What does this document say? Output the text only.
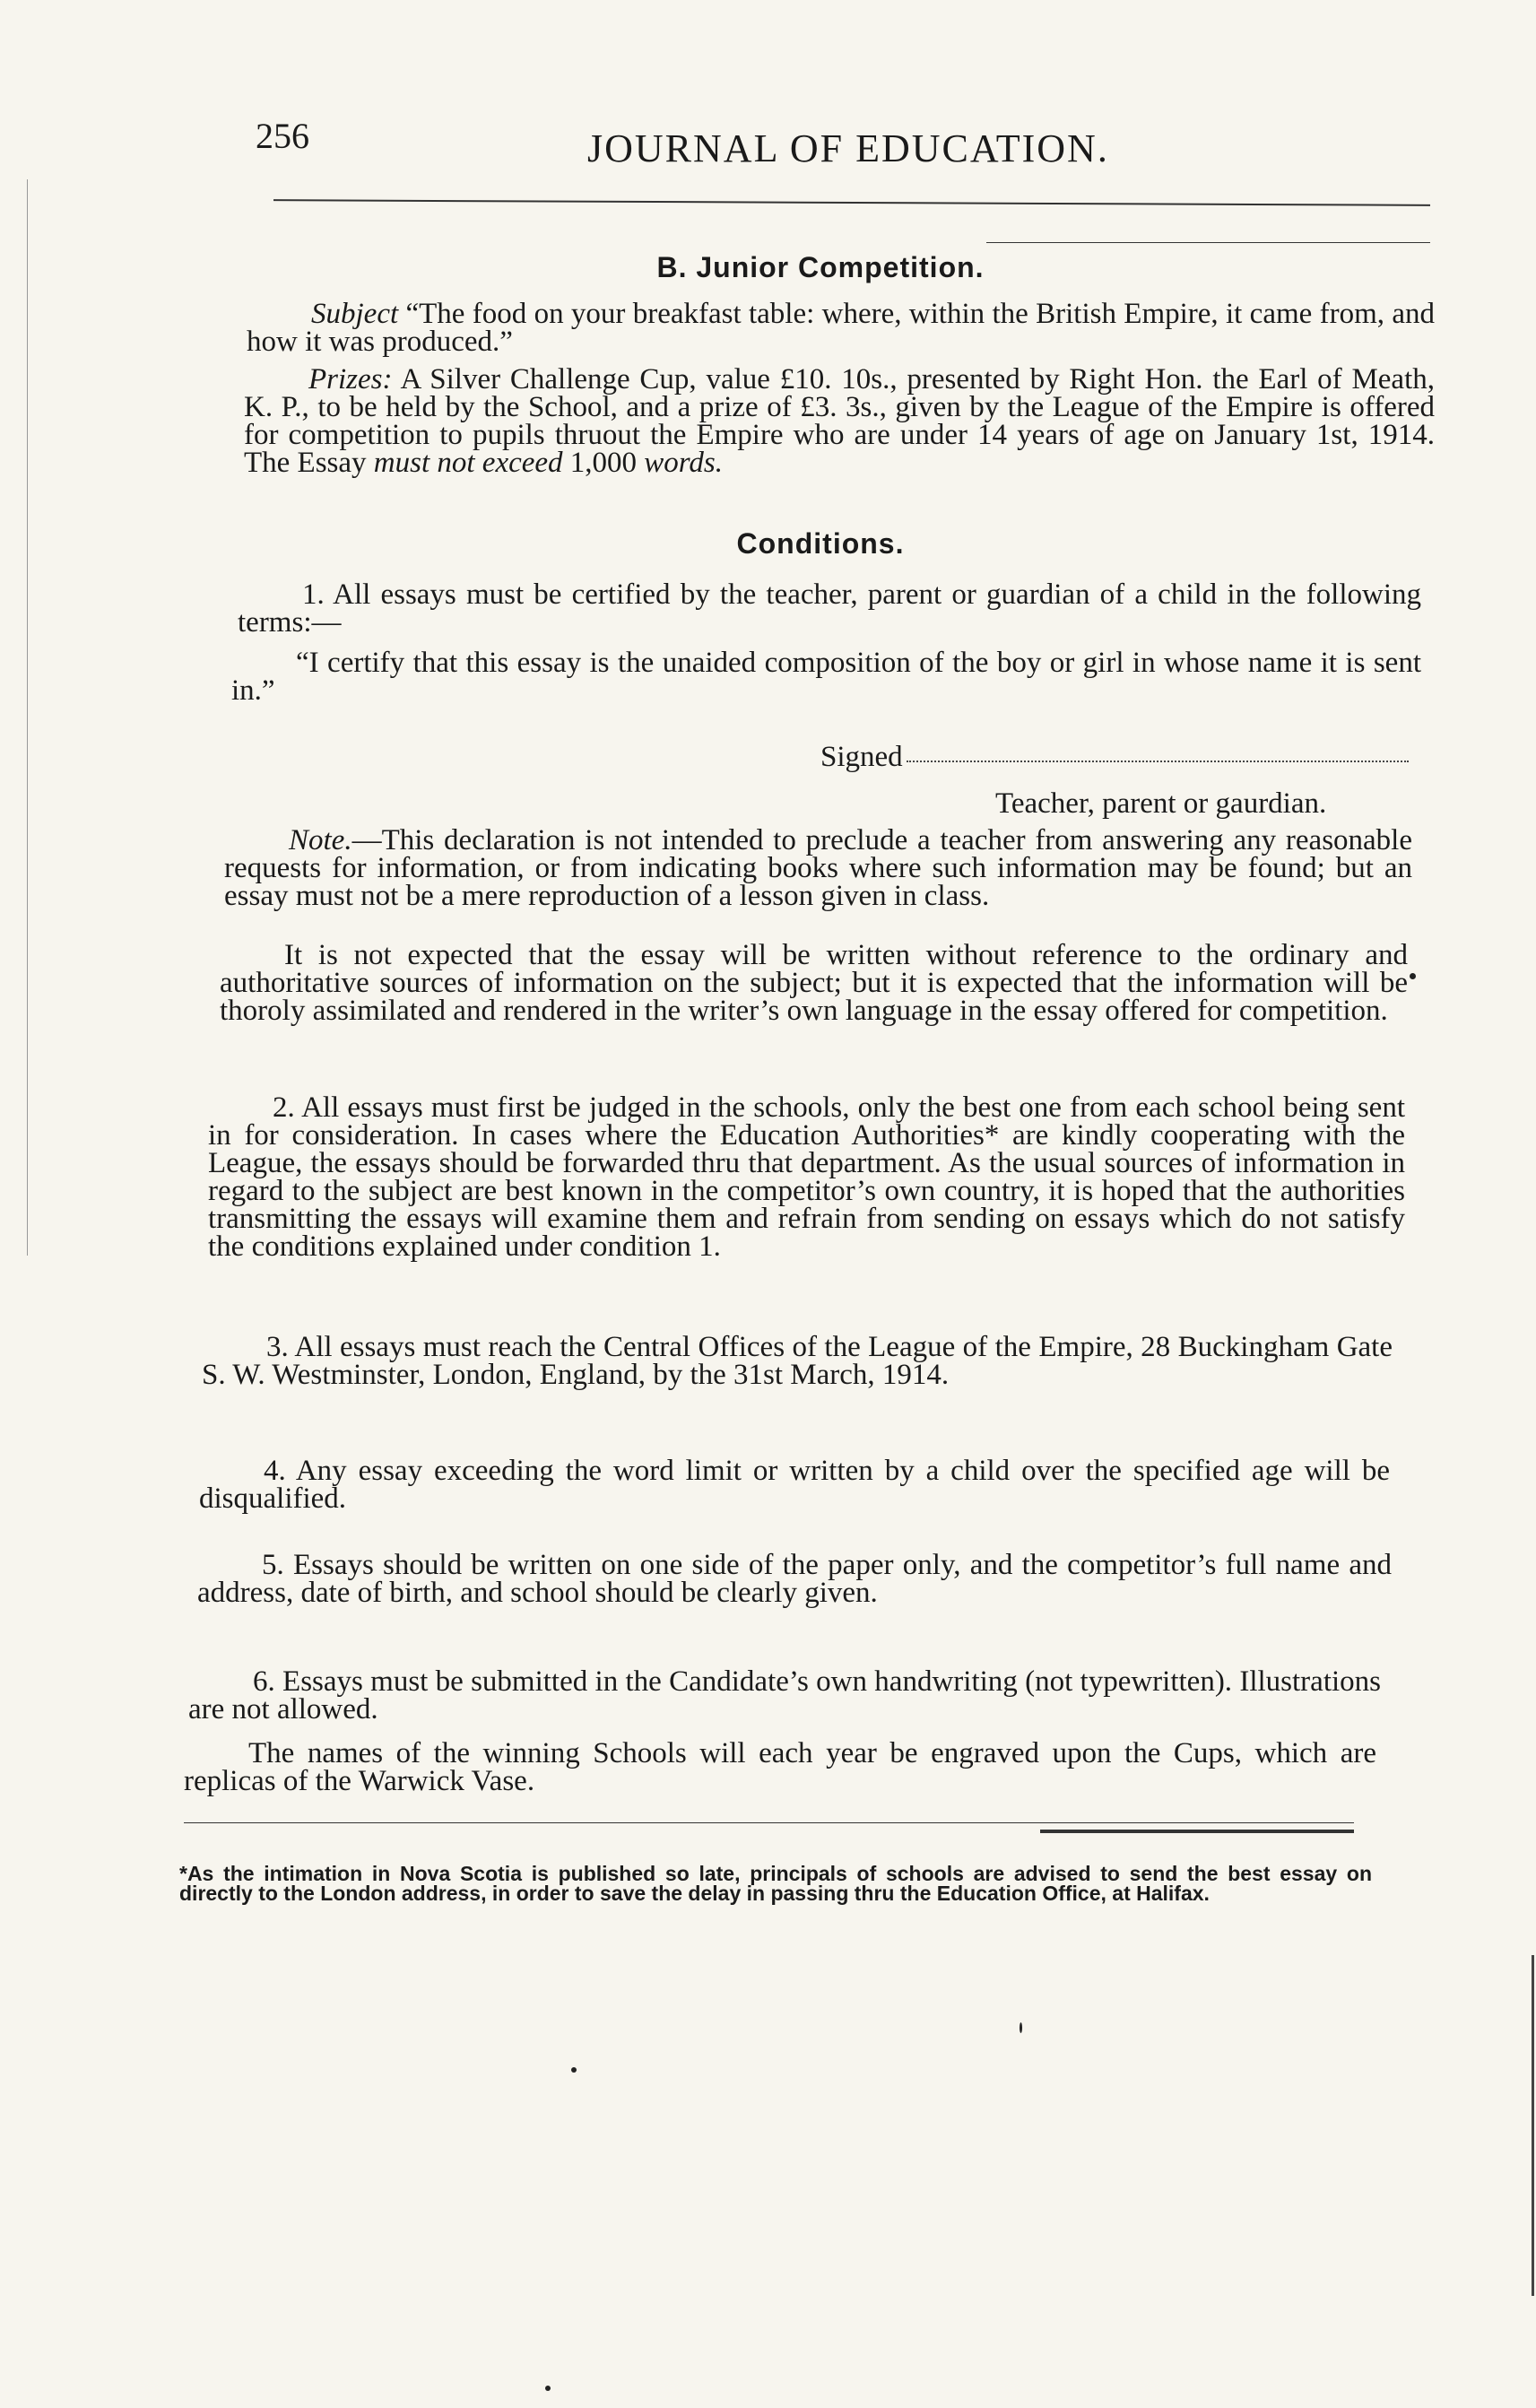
256	JOURNAL OF EDUCATION.
B. Junior Competition.
Subject “The food on your breakfast table: where, within the British Empire, it came from, and how it was produced.”
Prizes: A Silver Challenge Cup, value £10. 10s., presented by Right Hon. the Earl of Meath, K. P., to be held by the School, and a prize of £3. 3s., given by the League of the Empire is offered for competition to pupils thruout the Empire who are under 14 years of age on January 1st, 1914. The Essay must not exceed 1,000 words.
Conditions.
1. All essays must be certified by the teacher, parent or guardian of a child in the following terms:—
“I certify that this essay is the unaided composition of the boy or girl in whose name it is sent in.”
Signed
Teacher, parent or gaurdian.
Note.—This declaration is not intended to preclude a teacher from answering any reasonable requests for information, or from indicating books where such information may be found; but an essay must not be a mere reproduction of a lesson given in class.
It is not expected that the essay will be written without reference to the ordinary and authoritative sources of information on the subject; but it is expected that the information will be thoroly assimilated and rendered in the writer’s own language in the essay offered for competition.
2. All essays must first be judged in the schools, only the best one from each school being sent in for consideration. In cases where the Education Authorities* are kindly cooperating with the League, the essays should be forwarded thru that department. As the usual sources of information in regard to the subject are best known in the competitor’s own country, it is hoped that the authorities transmitting the essays will examine them and refrain from sending on essays which do not satisfy the conditions explained under condition 1.
3. All essays must reach the Central Offices of the League of the Empire, 28 Buckingham Gate S. W. Westminster, London, England, by the 31st March, 1914.
4. Any essay exceeding the word limit or written by a child over the specified age will be disqualified.
5. Essays should be written on one side of the paper only, and the competitor’s full name and address, date of birth, and school should be clearly given.
6. Essays must be submitted in the Candidate’s own handwriting (not typewritten). Illustrations are not allowed.
The names of the winning Schools will each year be engraved upon the Cups, which are replicas of the Warwick Vase.
*As the intimation in Nova Scotia is published so late, principals of schools are advised to send the best essay on directly to the London address, in order to save the delay in passing thru the Education Office, at Halifax.
